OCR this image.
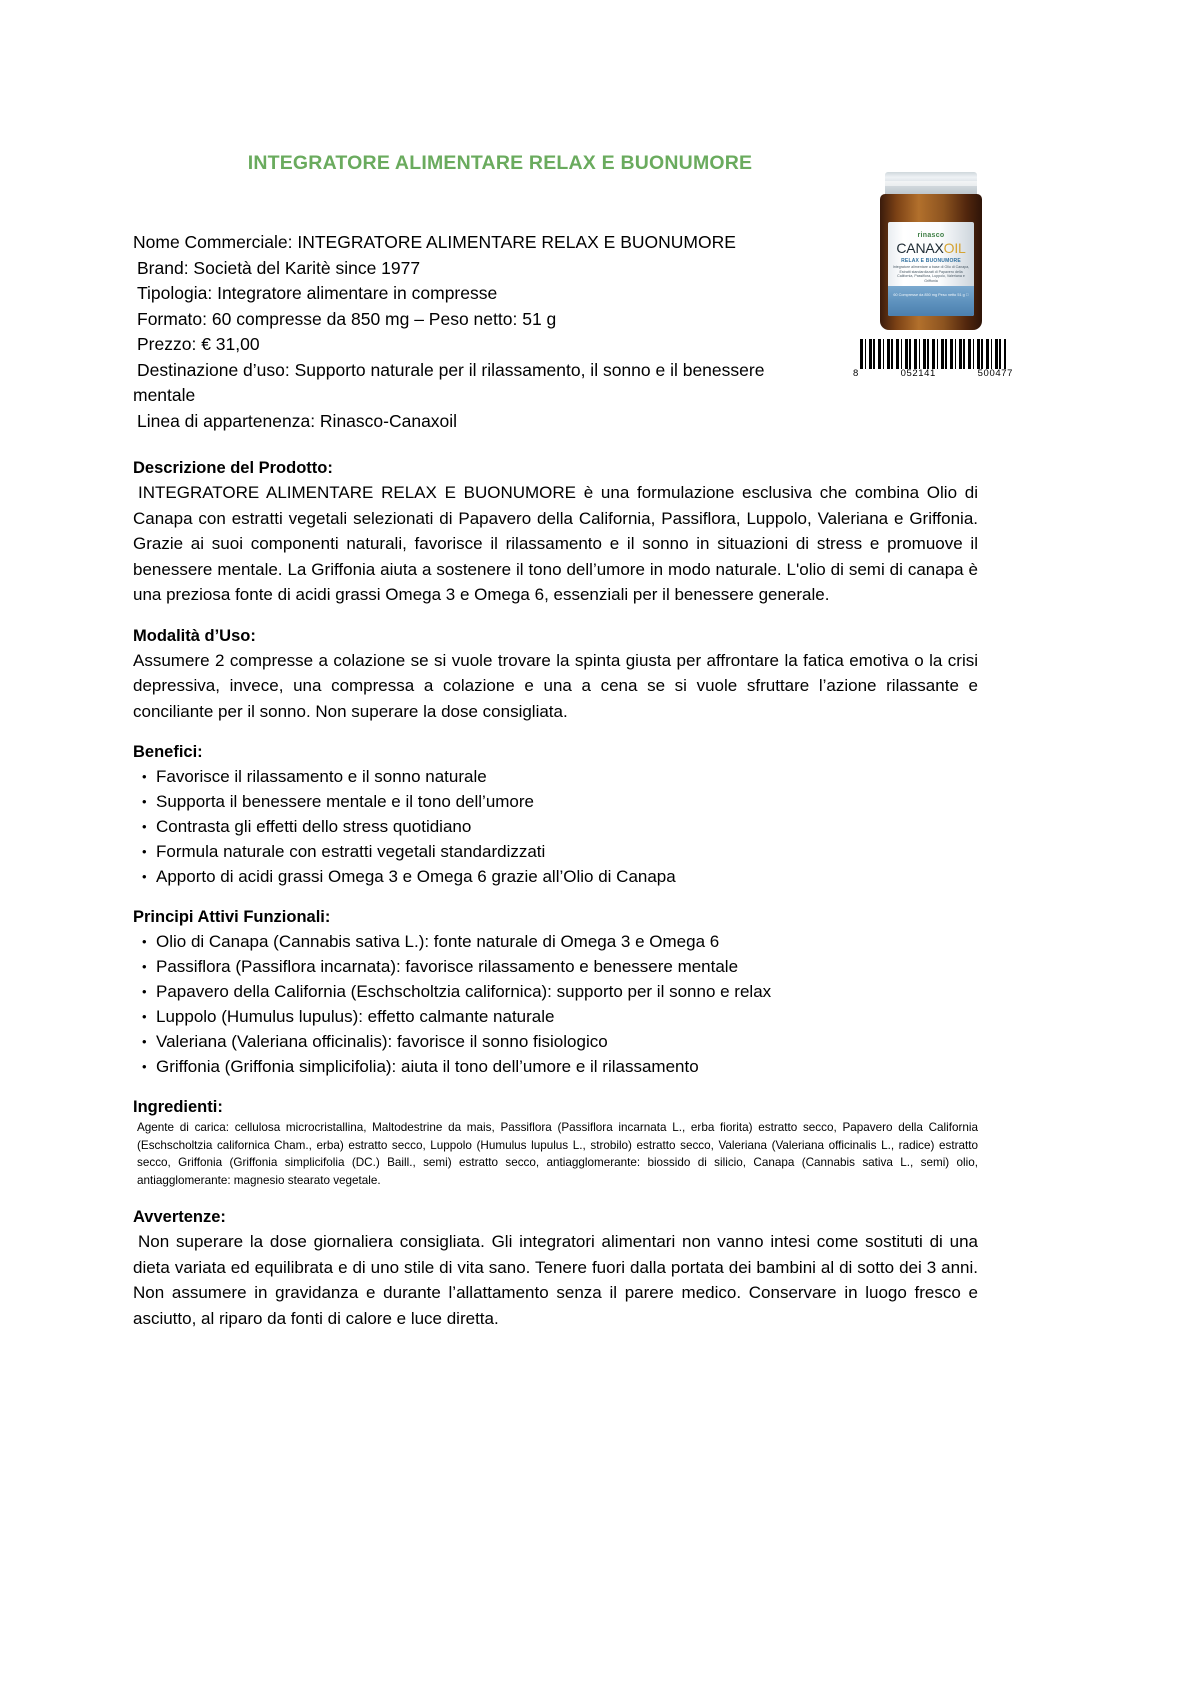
INTEGRATORE ALIMENTARE RELAX E BUONUMORE
rinasco
CANAXOIL
RELAX E BUONUMORE
Integratore alimentare a base di Olio di Canapa, Estratti standardizzati di Papavero della California, Passiflora, Luppolo, Valeriana e Griffonia
60 Compresse da 850 mg Peso netto 51 g ⃠
8	052141	500477
Nome Commerciale: INTEGRATORE ALIMENTARE RELAX E BUONUMORE
Brand: Società del Karitè since 1977
Tipologia: Integratore alimentare in compresse
Formato: 60 compresse da 850 mg – Peso netto: 51 g
Prezzo: € 31,00
Destinazione d’uso: Supporto naturale per il rilassamento, il sonno e il benessere
mentale
Linea di appartenenza: Rinasco-Canaxoil
Descrizione del Prodotto:

INTEGRATORE ALIMENTARE RELAX E BUONUMORE è una formulazione esclusiva che combina Olio di Canapa con estratti vegetali selezionati di Papavero della California, Passiflora, Luppolo, Valeriana e Griffonia. Grazie ai suoi componenti naturali, favorisce il rilassamento e il sonno in situazioni di stress e promuove il benessere mentale. La Griffonia aiuta a sostenere il tono dell’umore in modo naturale. L'olio di semi di canapa è una preziosa fonte di acidi grassi Omega 3 e Omega 6, essenziali per il benessere generale.

Modalità d’Uso:

Assumere 2 compresse a colazione se si vuole trovare la spinta giusta per affrontare la fatica emotiva o la crisi depressiva, invece, una compressa a colazione e una a cena se si vuole sfruttare l’azione rilassante e conciliante per il sonno. Non superare la dose consigliata.

Benefici:
• Favorisce il rilassamento e il sonno naturale
• Supporta il benessere mentale e il tono dell’umore
• Contrasta gli effetti dello stress quotidiano
• Formula naturale con estratti vegetali standardizzati
• Apporto di acidi grassi Omega 3 e Omega 6 grazie all’Olio di Canapa
Principi Attivi Funzionali:
• Olio di Canapa (Cannabis sativa L.): fonte naturale di Omega 3 e Omega 6
• Passiflora (Passiflora incarnata): favorisce rilassamento e benessere mentale
• Papavero della California (Eschscholtzia californica): supporto per il sonno e relax
• Luppolo (Humulus lupulus): effetto calmante naturale
• Valeriana (Valeriana officinalis): favorisce il sonno fisiologico
• Griffonia (Griffonia simplicifolia): aiuta il tono dell’umore e il rilassamento
Ingredienti:

Agente di carica: cellulosa microcristallina, Maltodestrine da mais, Passiflora (Passiflora incarnata L., erba fiorita) estratto secco, Papavero della California (Eschscholtzia californica Cham., erba) estratto secco, Luppolo (Humulus lupulus L., strobilo) estratto secco, Valeriana (Valeriana officinalis L., radice) estratto secco, Griffonia (Griffonia simplicifolia (DC.) Baill., semi) estratto secco, antiagglomerante: biossido di silicio, Canapa (Cannabis sativa L., semi) olio, antiagglomerante: magnesio stearato vegetale.

Avvertenze:

Non superare la dose giornaliera consigliata. Gli integratori alimentari non vanno intesi come sostituti di una dieta variata ed equilibrata e di uno stile di vita sano. Tenere fuori dalla portata dei bambini al di sotto dei 3 anni. Non assumere in gravidanza e durante l’allattamento senza il parere medico. Conservare in luogo fresco e asciutto, al riparo da fonti di calore e luce diretta.
